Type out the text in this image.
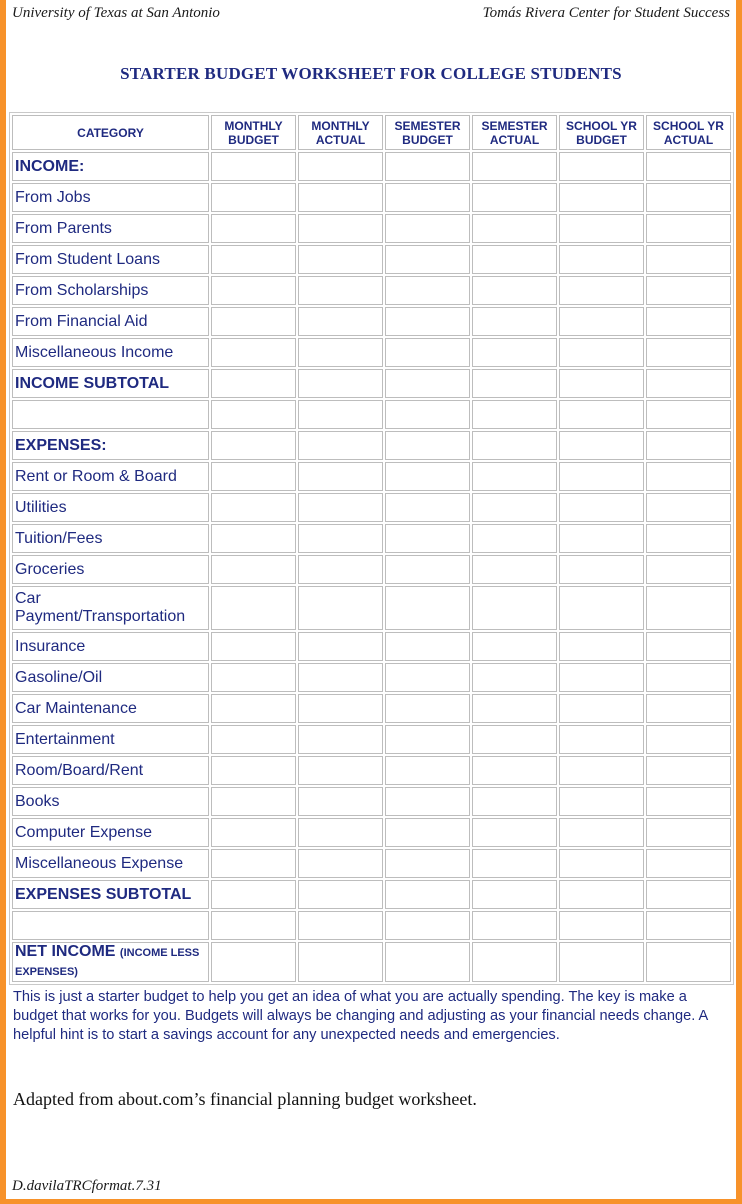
University of Texas at San Antonio	Tomás Rivera Center for Student Success
STARTER BUDGET WORKSHEET FOR COLLEGE STUDENTS
CATEGORY	MONTHLY BUDGET	MONTHLY ACTUAL	SEMESTER BUDGET	SEMESTER ACTUAL	SCHOOL YR BUDGET	SCHOOL YR ACTUAL
INCOME:						
From Jobs						
From Parents						
From Student Loans						
From Scholarships						
From Financial Aid						
Miscellaneous Income						
INCOME SUBTOTAL						

EXPENSES:						
Rent or Room & Board						
Utilities						
Tuition/Fees						
Groceries						
Car Payment/Transportation						
Insurance						
Gasoline/Oil						
Car Maintenance						
Entertainment						
Room/Board/Rent						
Books						
Computer Expense						
Miscellaneous Expense						
EXPENSES SUBTOTAL						

NET INCOME (INCOME LESS EXPENSES)						
This is just a starter budget to help you get an idea of what you are actually spending. The key is make a budget that works for you. Budgets will always be changing and adjusting as your financial needs change. A helpful hint is to start a savings account for any unexpected needs and emergencies.
Adapted from about.com’s financial planning budget worksheet.
D.davilaTRCformat.7.31
